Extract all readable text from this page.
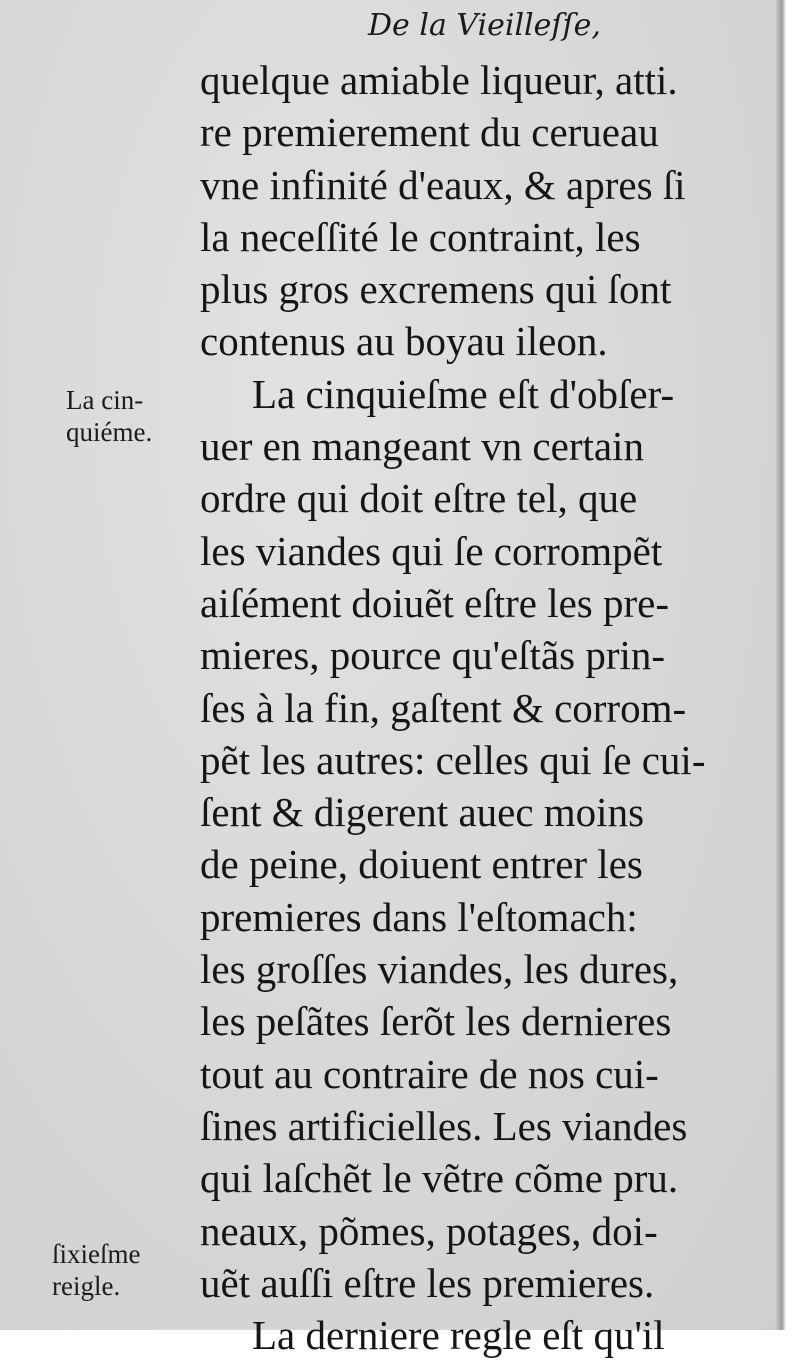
De la Vieilleſſe,
La cin-
quiéme.
ſixieſme
reigle.
quelque amiable liqueur, atti.
re premierement du cerueau
vne infinité d'eaux, & apres ſi
la neceſſité le contraint, les
plus gros excremens qui ſont
contenus au boyau ileon.
La cinquieſme eſt d'obſer-
uer en mangeant vn certain
ordre qui doit eſtre tel, que
les viandes qui ſe corrompẽt
aiſément doiuẽt eſtre les pre-
mieres, pource qu'eſtãs prin-
ſes à la fin, gaſtent & corrom-
pẽt les autres: celles qui ſe cui-
ſent & digerent auec moins
de peine, doiuent entrer les
premieres dans l'eſtomach:
les groſſes viandes, les dures,
les peſãtes ſerõt les dernieres
tout au contraire de nos cui-
ſines artificielles. Les viandes
qui laſchẽt le vẽtre cõme pru.
neaux, põmes, potages, doi-
uẽt auſſi eſtre les premieres.
La derniere regle eſt qu'il
